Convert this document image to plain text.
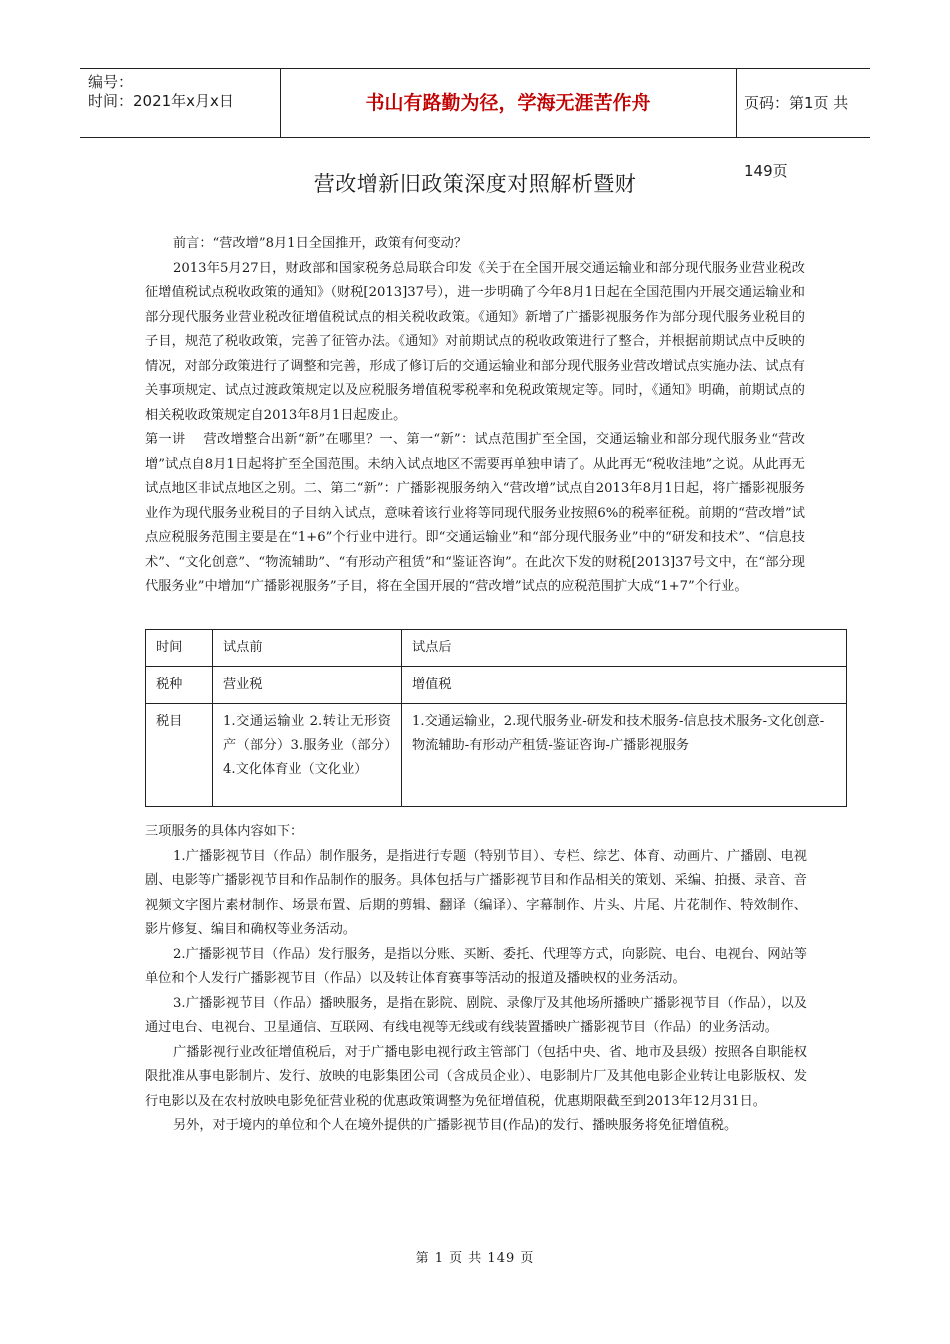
编号：
时间：2021年x月x日	书山有路勤为径，学海无涯苦作舟	页码：第1页 共149页
营改增新旧政策深度对照解析暨财

前言：“营改增”8月1日全国推开，政策有何变动？

2013年5月27日，财政部和国家税务总局联合印发《关于在全国开展交通运输业和部分现代服务业营业税改征增值税试点税收政策的通知》（财税[2013]37号），进一步明确了今年8月1日起在全国范围内开展交通运输业和部分现代服务业营业税改征增值税试点的相关税收政策。《通知》新增了广播影视服务作为部分现代服务业税目的子目，规范了税收政策，完善了征管办法。《通知》对前期试点的税收政策进行了整合，并根据前期试点中反映的情况，对部分政策进行了调整和完善，形成了修订后的交通运输业和部分现代服务业营改增试点实施办法、试点有关事项规定、试点过渡政策规定以及应税服务增值税零税率和免税政策规定等。同时，《通知》明确，前期试点的相关税收政策规定自2013年8月1日起废止。

第一讲　 营改增整合出新“新”在哪里？一、第一“新”：试点范围扩至全国，交通运输业和部分现代服务业“营改增”试点自8月1日起将扩至全国范围。未纳入试点地区不需要再单独申请了。从此再无“税收洼地”之说。从此再无试点地区非试点地区之别。二、第二“新”：广播影视服务纳入“营改增”试点自2013年8月1日起，将广播影视服务业作为现代服务业税目的子目纳入试点，意味着该行业将等同现代服务业按照6%的税率征税。前期的“营改增”试点应税服务范围主要是在“1+6”个行业中进行。即“交通运输业”和“部分现代服务业”中的“研发和技术”、“信息技术”、“文化创意”、“物流辅助”、“有形动产租赁”和“鉴证咨询”。在此次下发的财税[2013]37号文中，在“部分现代服务业”中增加“广播影视服务”子目，将在全国开展的“营改增”试点的应税范围扩大成“1+7”个行业。

时间	试点前	试点后
税种	营业税	增值税
税目	1.交通运输业 2.转让无形资产（部分）3.服务业（部分）4.文化体育业（文化业）	1.交通运输业，2.现代服务业-研发和技术服务-信息技术服务-文化创意-物流辅助-有形动产租赁-鉴证咨询-广播影视服务

三项服务的具体内容如下：

1.广播影视节目（作品）制作服务，是指进行专题（特别节目）、专栏、综艺、体育、动画片、广播剧、电视剧、电影等广播影视节目和作品制作的服务。具体包括与广播影视节目和作品相关的策划、采编、拍摄、录音、音视频文字图片素材制作、场景布置、后期的剪辑、翻译（编译）、字幕制作、片头、片尾、片花制作、特效制作、影片修复、编目和确权等业务活动。

2.广播影视节目（作品）发行服务，是指以分账、买断、委托、代理等方式，向影院、电台、电视台、网站等单位和个人发行广播影视节目（作品）以及转让体育赛事等活动的报道及播映权的业务活动。

3.广播影视节目（作品）播映服务，是指在影院、剧院、录像厅及其他场所播映广播影视节目（作品），以及通过电台、电视台、卫星通信、互联网、有线电视等无线或有线装置播映广播影视节目（作品）的业务活动。

广播影视行业改征增值税后，对于广播电影电视行政主管部门（包括中央、省、地市及县级）按照各自职能权限批准从事电影制片、发行、放映的电影集团公司（含成员企业）、电影制片厂及其他电影企业转让电影版权、发行电影以及在农村放映电影免征营业税的优惠政策调整为免征增值税，优惠期限截至到2013年12月31日。

另外，对于境内的单位和个人在境外提供的广播影视节目(作品)的发行、播映服务将免征增值税。

第 1 页 共 149 页
